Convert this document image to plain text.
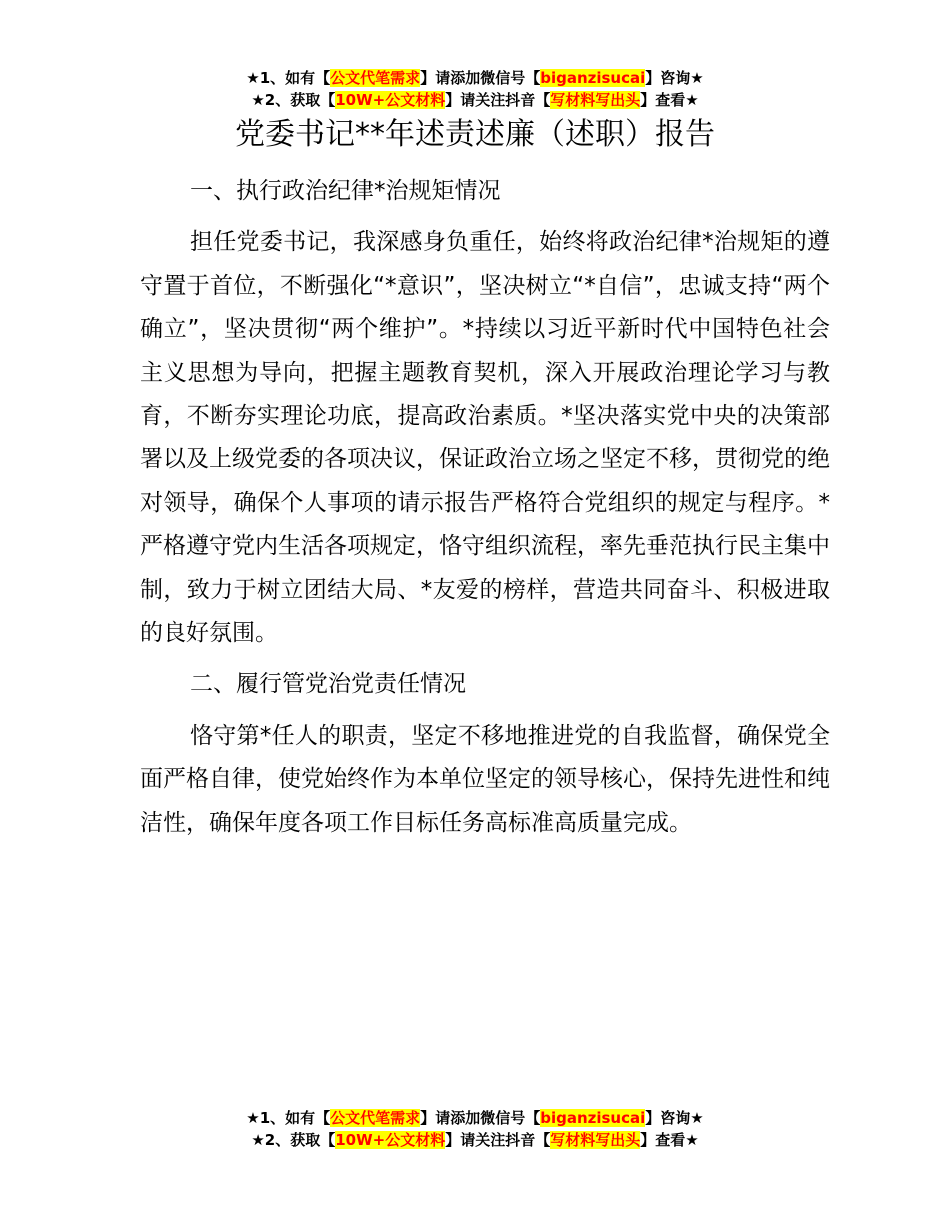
★1、如有【公文代笔需求】请添加微信号【biganzisucai】咨询★
★2、获取【10W+公文材料】请关注抖音【写材料写出头】查看★
党委书记**年述责述廉（述职）报告

一、执行政治纪律*治规矩情况

担任党委书记，我深感身负重任，始终将政治纪律*治规矩的遵守置于首位，不断强化“*意识”，坚决树立“*自信”，忠诚支持“两个确立”，坚决贯彻“两个维护”。*持续以习近平新时代中国特色社会主义思想为导向，把握主题教育契机，深入开展政治理论学习与教育，不断夯实理论功底，提高政治素质。*坚决落实党中央的决策部署以及上级党委的各项决议，保证政治立场之坚定不移，贯彻党的绝对领导，确保个人事项的请示报告严格符合党组织的规定与程序。*严格遵守党内生活各项规定，恪守组织流程，率先垂范执行民主集中制，致力于树立团结大局、*友爱的榜样，营造共同奋斗、积极进取的良好氛围。

二、履行管党治党责任情况

恪守第*任人的职责，坚定不移地推进党的自我监督，确保党全面严格自律，使党始终作为本单位坚定的领导核心，保持先进性和纯洁性，确保年度各项工作目标任务高标准高质量完成。

★1、如有【公文代笔需求】请添加微信号【biganzisucai】咨询★
★2、获取【10W+公文材料】请关注抖音【写材料写出头】查看★
